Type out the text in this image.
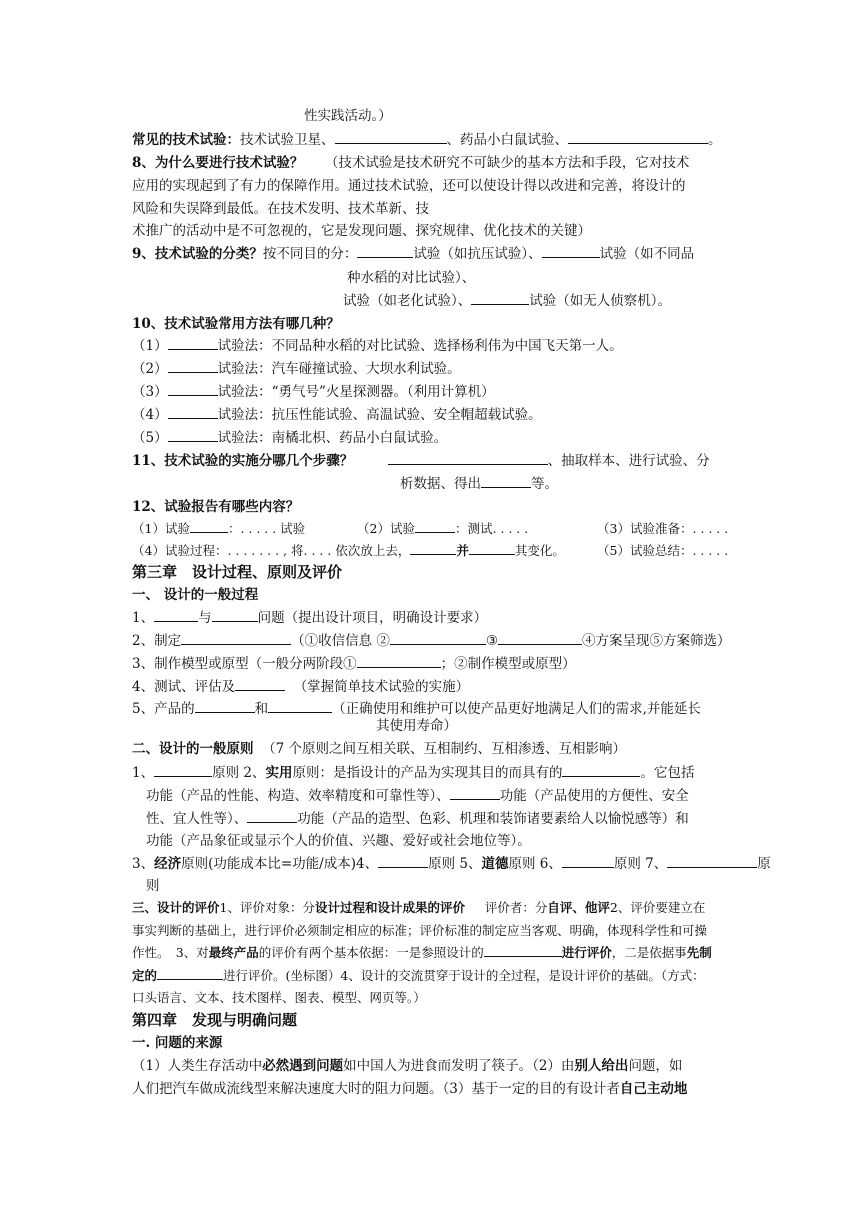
性实践活动。）
常见的技术试验：技术试验卫星、	、药品小白鼠试验、	。
8、为什么要进行技术试验？ （技术试验是技术研究不可缺少的基本方法和手段，它对技术
应用的实现起到了有力的保障作用。通过技术试验，还可以使设计得以改进和完善，将设计的
风险和失误降到最低。在技术发明、技术革新、技
术推广的活动中是不可忽视的，它是发现问题、探究规律、优化技术的关键）
9、技术试验的分类？按不同目的分：	试验（如抗压试验）、	试验（如不同品
种水稻的对比试验）、
试验（如老化试验）、	试验（如无人侦察机）。
10、技术试验常用方法有哪几种？
（1）	试验法：不同品种水稻的对比试验、选择杨利伟为中国飞天第一人。
（2）	试验法：汽车碰撞试验、大坝水利试验。
（3）	试验法：“勇气号”火星探测器。（利用计算机）
（4）	试验法：抗压性能试验、高温试验、安全帽超载试验。
（5）	试验法：南橘北枳、药品小白鼠试验。
11、技术试验的实施分哪几个步骤？	、抽取样本、进行试验、分
析数据、得出	等。
12、试验报告有哪些内容？
（1）试验	：. . . . . 试验	（2）试验	：测试. . . . .	（3）试验准备：. . . . .
（4）试验过程：. . . . . . . , 将. . . . 依次放上去，	并	其变化。	（5）试验总结：. . . . .
第三章　设计过程、原则及评价
一、 设计的一般过程
1、	与	问题（提出设计项目，明确设计要求）
2、制定	（①收信信息 ②	③	④方案呈现⑤方案筛选）
3、制作模型或原型（一般分两阶段①	；②制作模型或原型）
4、测试、评估及	（掌握简单技术试验的实施）
5、产品的	和	（正确使用和维护可以使产品更好地满足人们的需求,并能延长
其使用寿命）
二、设计的一般原则 （7 个原则之间互相关联、互相制约、互相渗透、互相影响）
1、	原则 2、实用原则：是指设计的产品为实现其目的而具有的	。它包括
功能（产品的性能、构造、效率精度和可靠性等）、	功能（产品使用的方便性、安全
性、宜人性等）、	功能（产品的造型、色彩、机理和装饰诸要素给人以愉悦感等）和
功能（产品象征或显示个人的价值、兴趣、爱好或社会地位等）。
3、经济原则(功能成本比=功能/成本)4、	原则 5、道德原则 6、	原则 7、	原
则
三、设计的评价1、评价对象：分设计过程和设计成果的评价 评价者：分自评、他评2、评价要建立在
事实判断的基础上，进行评价必须制定相应的标准；评价标准的制定应当客观、明确，体现科学性和可操
作性。　3、对最终产品的评价有两个基本依据：一是参照设计的	进行评价，二是依据事先制
定的	进行评价。(坐标图）4、设计的交流贯穿于设计的全过程，是设计评价的基础。（方式：
口头语言、文本、技术图样、图表、模型、网页等。）
第四章　发现与明确问题
一. 问题的来源
（1）人类生存活动中必然遇到问题如中国人为进食而发明了筷子。（2）由别人给出问题，如
人们把汽车做成流线型来解决速度大时的阻力问题。（3）基于一定的目的有设计者自己主动地
